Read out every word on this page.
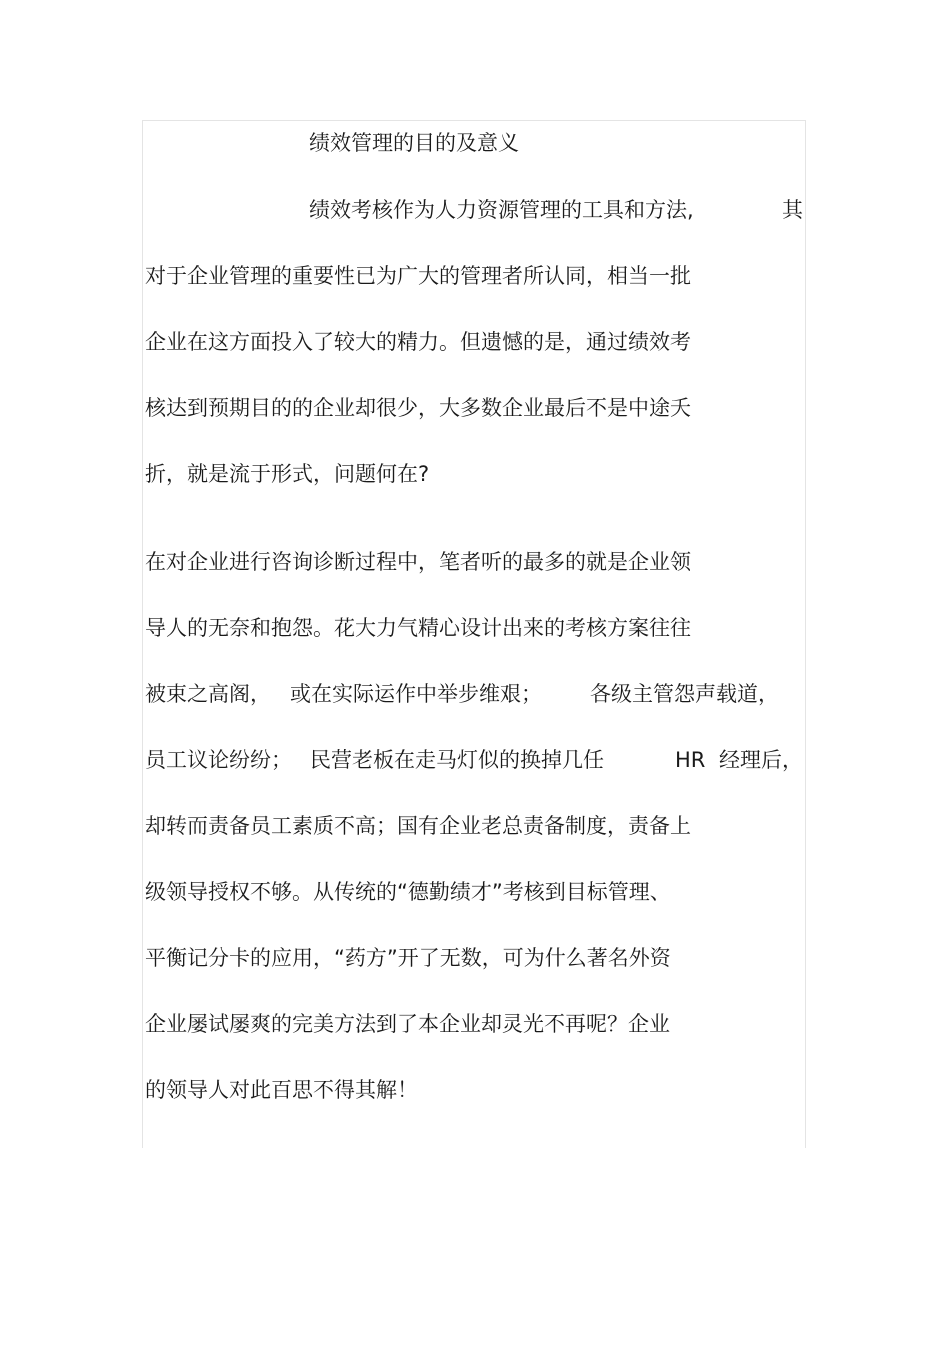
绩效管理的目的及意义
绩效考核作为人力资源管理的工具和方法,	其
对于企业管理的重要性已为广大的管理者所认同，相当一批
企业在这方面投入了较大的精力。但遗憾的是，通过绩效考
核达到预期目的的企业却很少，大多数企业最后不是中途夭
折，就是流于形式，问题何在?
在对企业进行咨询诊断过程中，笔者听的最多的就是企业领
导人的无奈和抱怨。花大力气精心设计出来的考核方案往往
被束之高阁， 或在实际运作中举步维艰； 各级主管怨声载道，
员工议论纷纷； 民营老板在走马灯似的换掉几任	HR 经理后，
却转而责备员工素质不高；国有企业老总责备制度，责备上
级领导授权不够。从传统的“德勤绩才”考核到目标管理、
平衡记分卡的应用，“药方”开了无数，可为什么著名外资
企业屡试屡爽的完美方法到了本企业却灵光不再呢？企业
的领导人对此百思不得其解！
